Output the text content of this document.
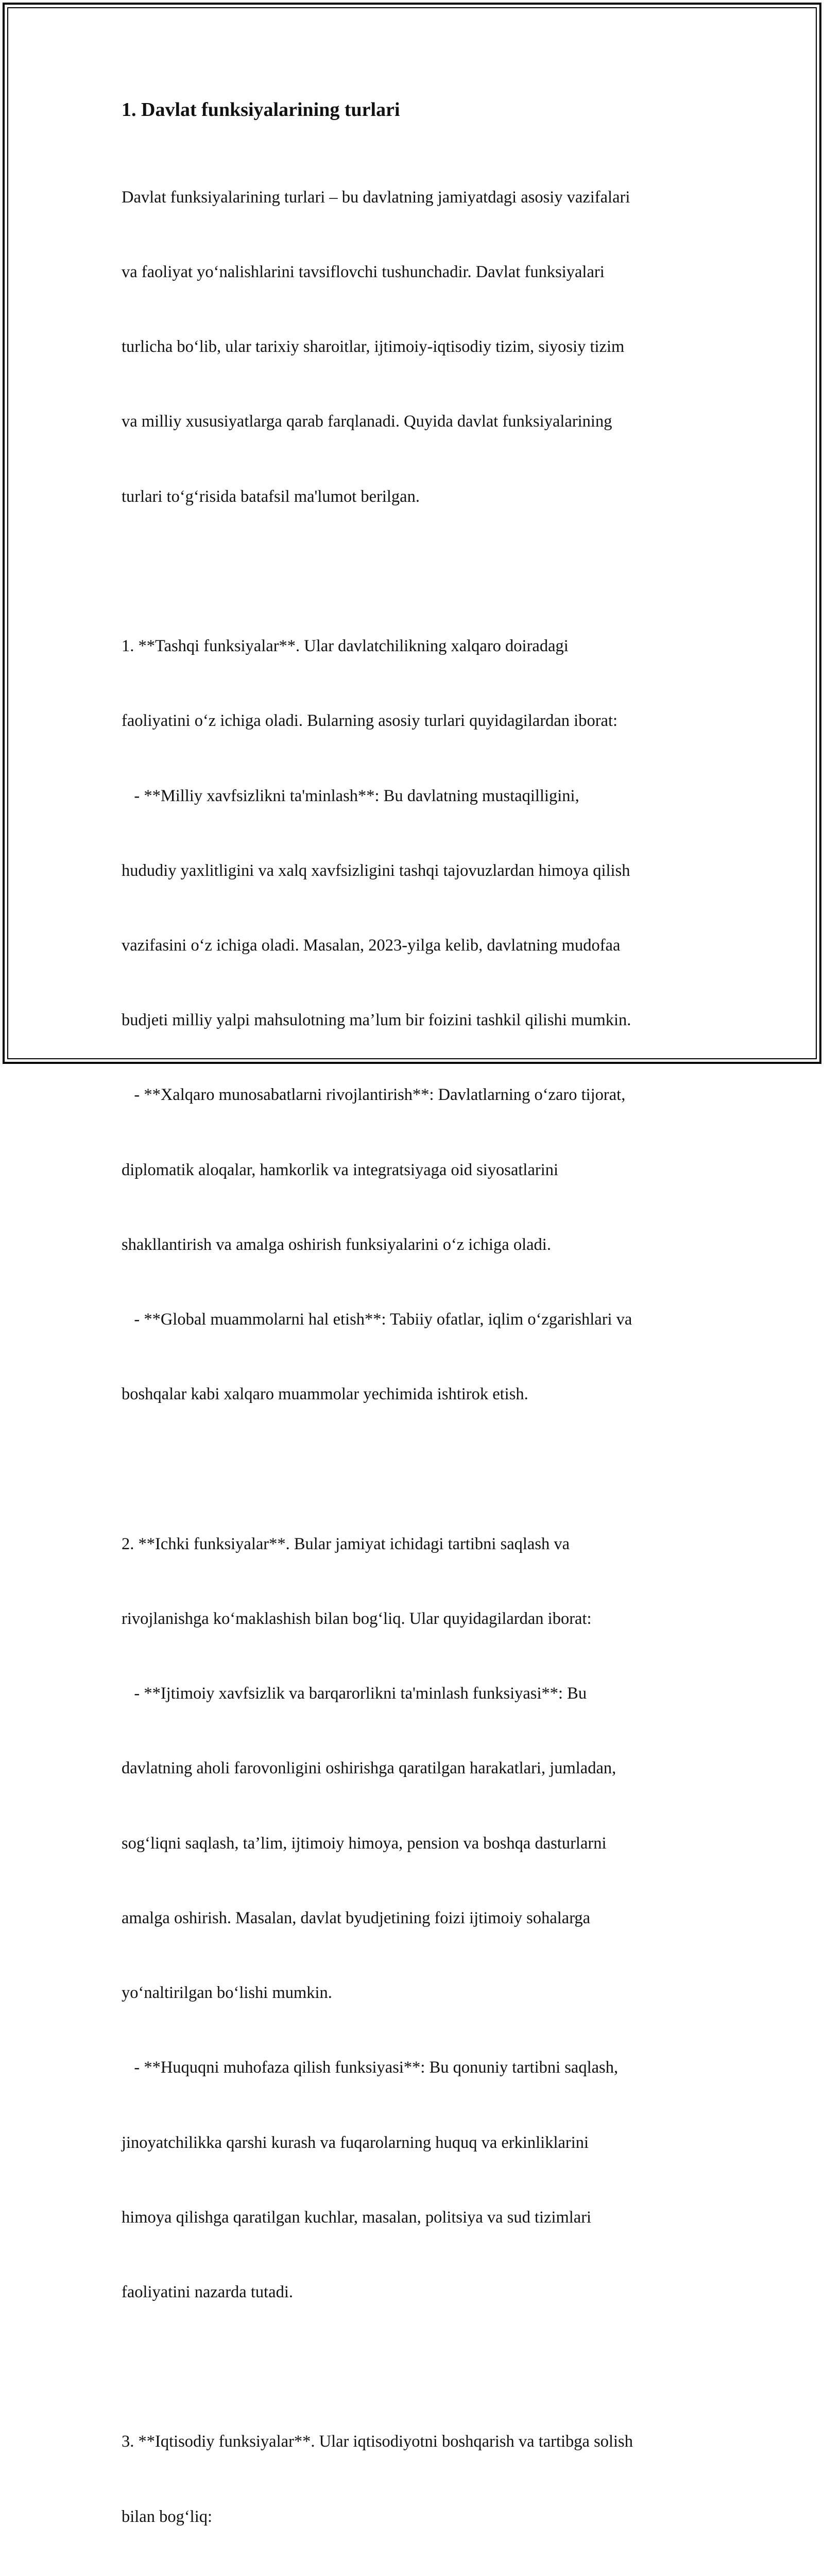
1. Davlat funksiyalarining turlari

Davlat funksiyalarining turlari – bu davlatning jamiyatdagi asosiy vazifalari

va faoliyat yo‘nalishlarini tavsiflovchi tushunchadir. Davlat funksiyalari

turlicha bo‘lib, ular tarixiy sharoitlar, ijtimoiy-iqtisodiy tizim, siyosiy tizim

va milliy xususiyatlarga qarab farqlanadi. Quyida davlat funksiyalarining

turlari to‘g‘risida batafsil ma'lumot berilgan.

1. **Tashqi funksiyalar**. Ular davlatchilikning xalqaro doiradagi

faoliyatini o‘z ichiga oladi. Bularning asosiy turlari quyidagilardan iborat:

- **Milliy xavfsizlikni ta'minlash**: Bu davlatning mustaqilligini,

hududiy yaxlitligini va xalq xavfsizligini tashqi tajovuzlardan himoya qilish

vazifasini o‘z ichiga oladi. Masalan, 2023-yilga kelib, davlatning mudofaa

budjeti milliy yalpi mahsulotning ma’lum bir foizini tashkil qilishi mumkin.

- **Xalqaro munosabatlarni rivojlantirish**: Davlatlarning o‘zaro tijorat,

diplomatik aloqalar, hamkorlik va integratsiyaga oid siyosatlarini

shakllantirish va amalga oshirish funksiyalarini o‘z ichiga oladi.

- **Global muammolarni hal etish**: Tabiiy ofatlar, iqlim o‘zgarishlari va

boshqalar kabi xalqaro muammolar yechimida ishtirok etish.

2. **Ichki funksiyalar**. Bular jamiyat ichidagi tartibni saqlash va

rivojlanishga ko‘maklashish bilan bog‘liq. Ular quyidagilardan iborat:

- **Ijtimoiy xavfsizlik va barqarorlikni ta'minlash funksiyasi**: Bu

davlatning aholi farovonligini oshirishga qaratilgan harakatlari, jumladan,

sog‘liqni saqlash, ta’lim, ijtimoiy himoya, pension va boshqa dasturlarni

amalga oshirish. Masalan, davlat byudjetining foizi ijtimoiy sohalarga

yo‘naltirilgan bo‘lishi mumkin.

- **Huquqni muhofaza qilish funksiyasi**: Bu qonuniy tartibni saqlash,

jinoyatchilikka qarshi kurash va fuqarolarning huquq va erkinliklarini

himoya qilishga qaratilgan kuchlar, masalan, politsiya va sud tizimlari

faoliyatini nazarda tutadi.

3. **Iqtisodiy funksiyalar**. Ular iqtisodiyotni boshqarish va tartibga solish

bilan bog‘liq:
